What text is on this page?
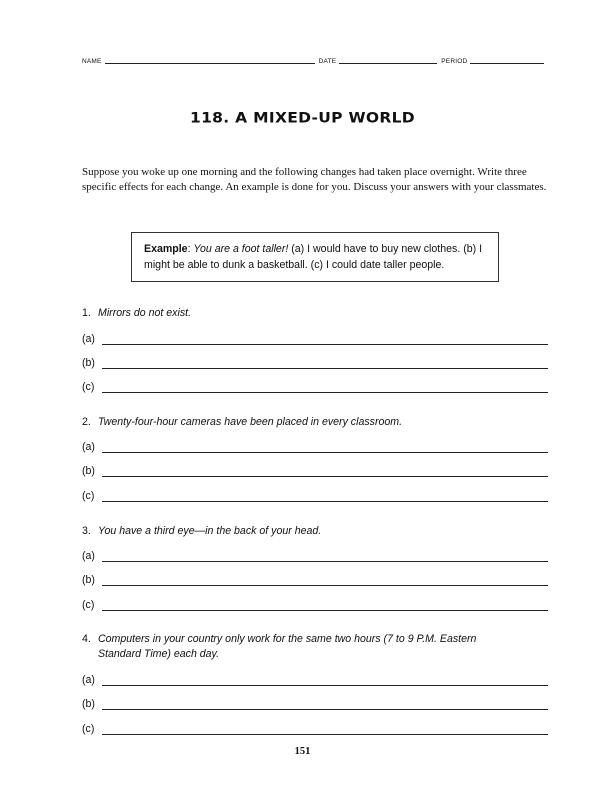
NAME	DATE	PERIOD
118. A MIXED-UP WORLD
Suppose you woke up one morning and the following changes had taken place overnight. Write three specific effects for each change. An example is done for you. Discuss your answers with your classmates.
Example: You are a foot taller! (a) I would have to buy new clothes. (b) I might be able to dunk a basketball. (c) I could date taller people.
1. Mirrors do not exist.
(a)
(b)
(c)
2. Twenty-four-hour cameras have been placed in every classroom.
(a)
(b)
(c)
3. You have a third eye—in the back of your head.
(a)
(b)
(c)
4. Computers in your country only work for the same two hours (7 to 9 P.M. Eastern Standard Time) each day.
(a)
(b)
(c)
151
